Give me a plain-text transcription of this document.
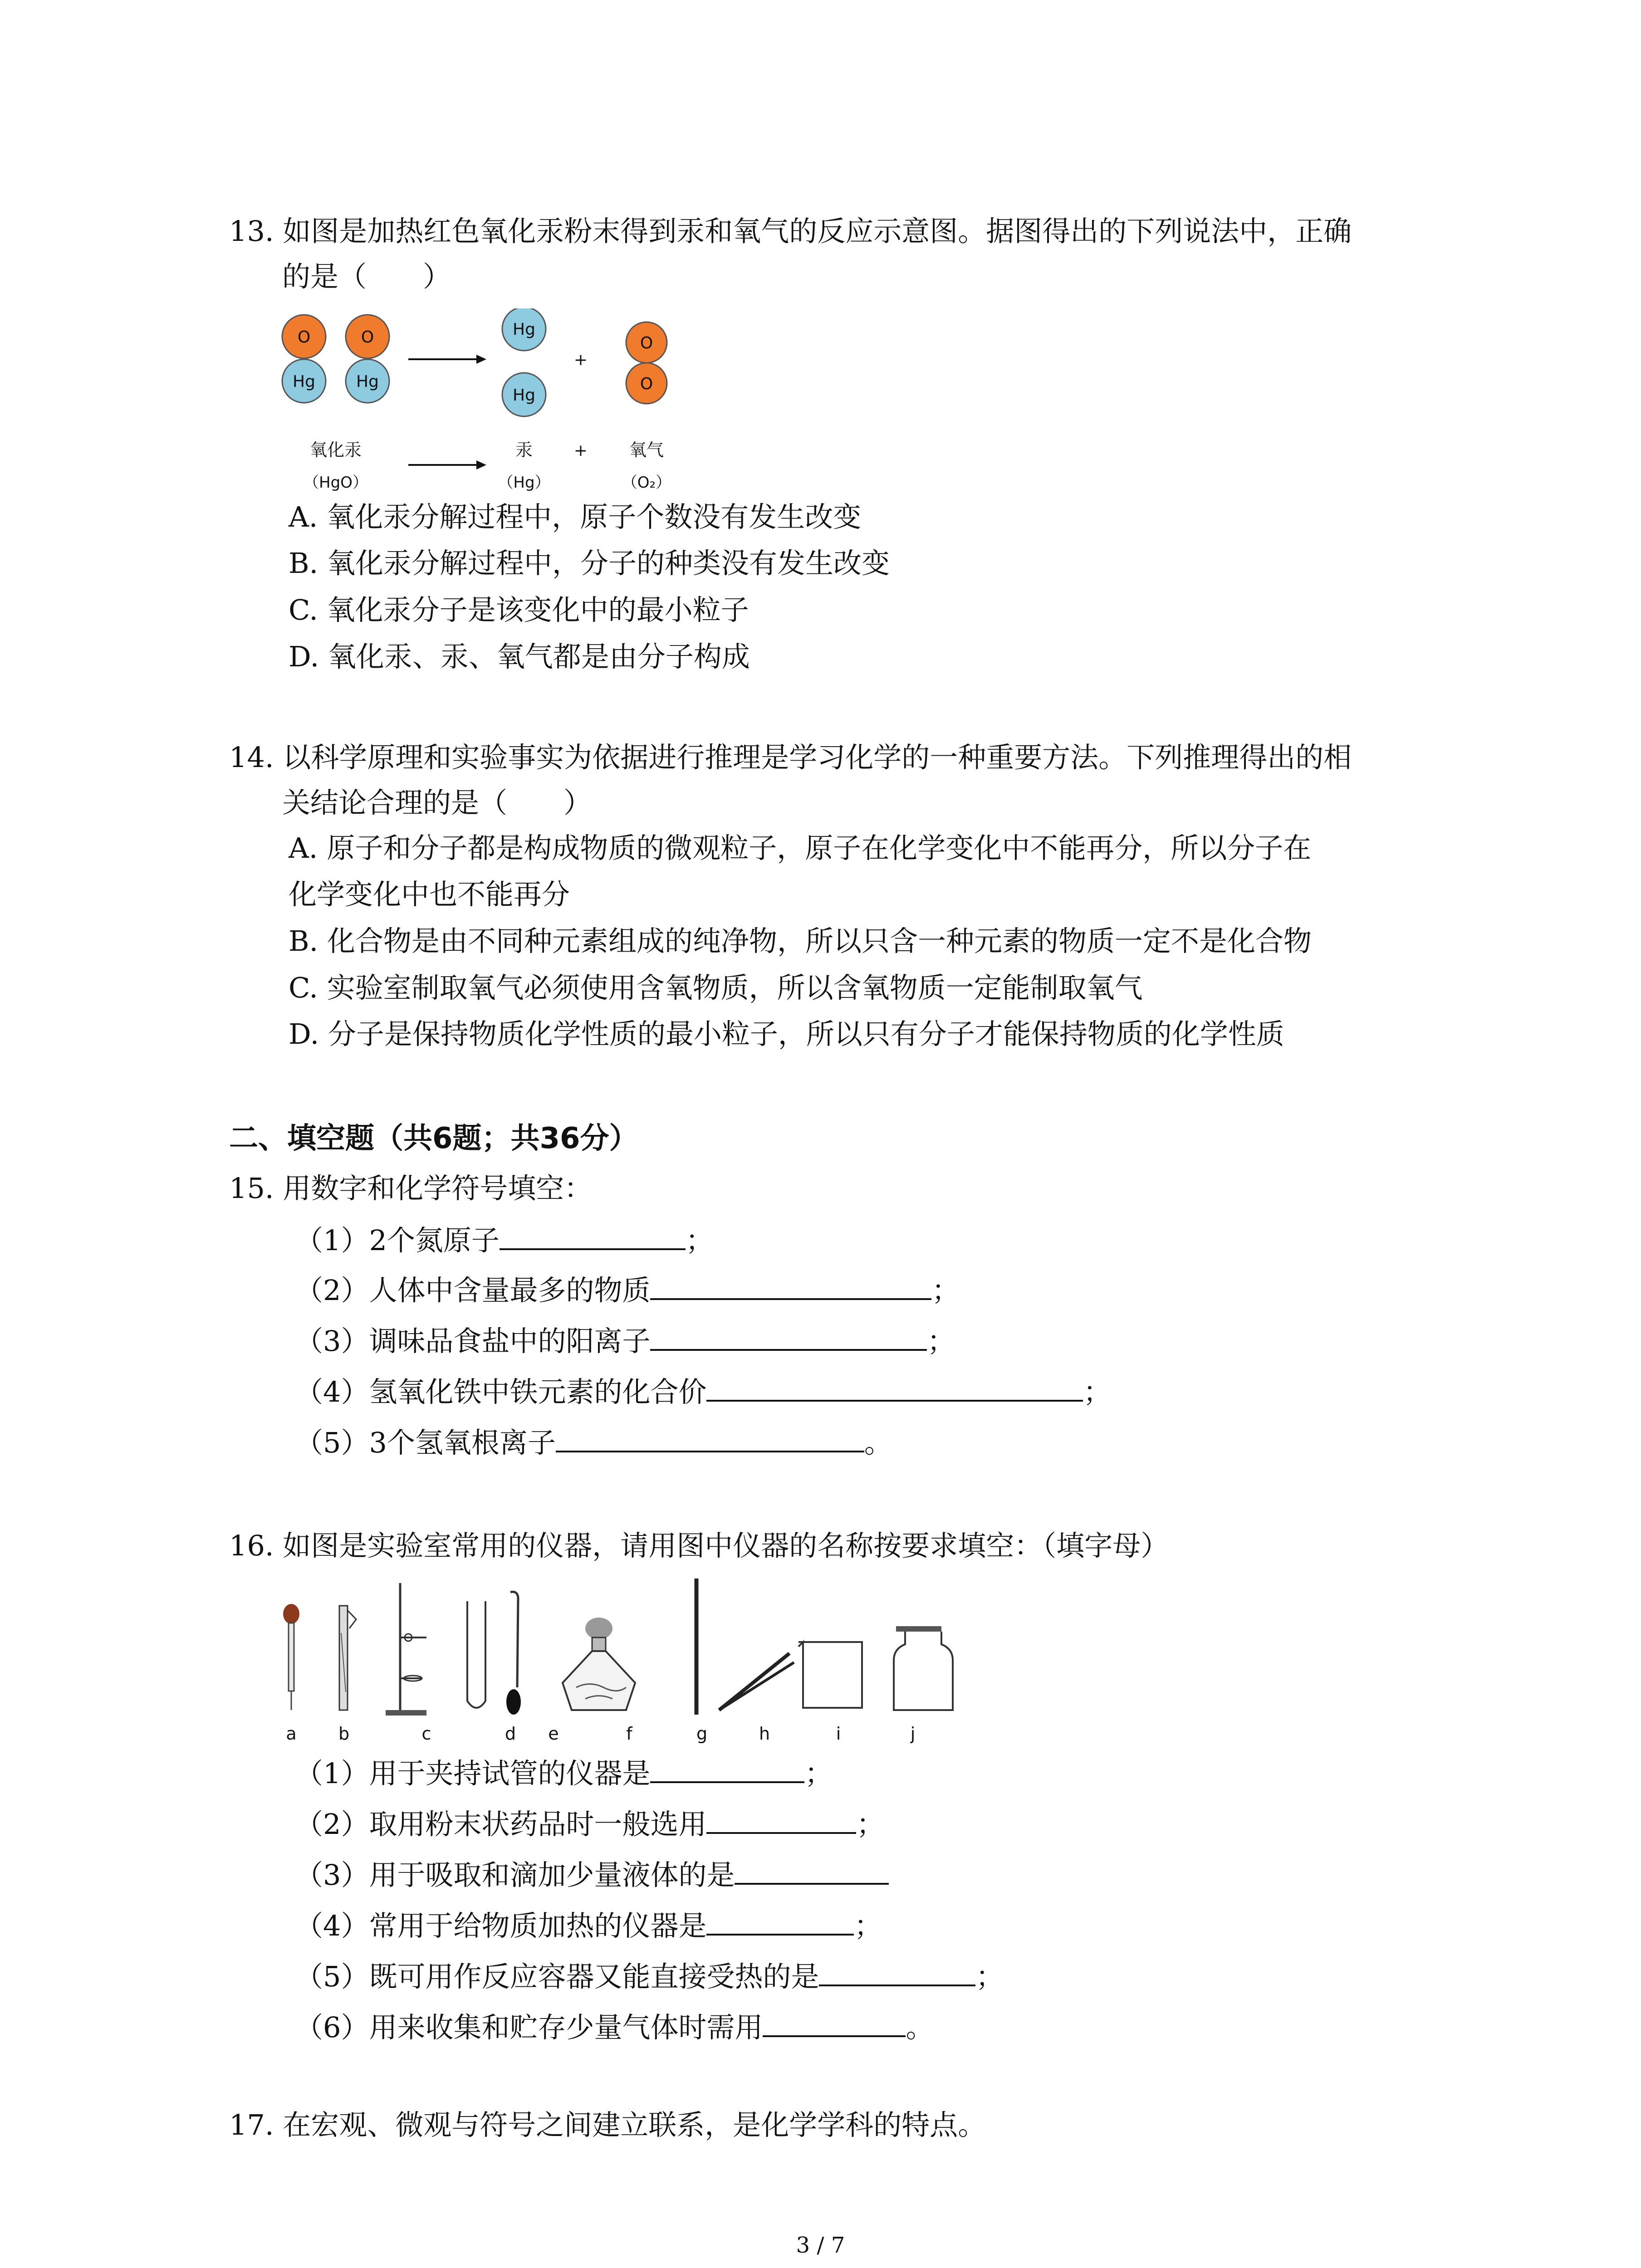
13. 如图是加热红色氧化汞粉末得到汞和氧气的反应示意图。据图得出的下列说法中，正确
的是（　　）
O
Hg
O
Hg
Hg
Hg
+
O
O
氧化汞
（HgO）
汞
（Hg）
+ 氧气
（O₂）
A. 氧化汞分解过程中，原子个数没有发生改变
B. 氧化汞分解过程中，分子的种类没有发生改变
C. 氧化汞分子是该变化中的最小粒子
D. 氧化汞、汞、氧气都是由分子构成
14. 以科学原理和实验事实为依据进行推理是学习化学的一种重要方法。下列推理得出的相
关结论合理的是（　　）
A. 原子和分子都是构成物质的微观粒子，原子在化学变化中不能再分，所以分子在
化学变化中也不能再分
B. 化合物是由不同种元素组成的纯净物，所以只含一种元素的物质一定不是化合物
C. 实验室制取氧气必须使用含氧物质，所以含氧物质一定能制取氧气
D. 分子是保持物质化学性质的最小粒子，所以只有分子才能保持物质的化学性质
二、填空题（共6题；共36分）
15. 用数字和化学符号填空：
（1）2个氮原子	；
（2）人体中含量最多的物质	；
（3）调味品食盐中的阳离子	；
（4）氢氧化铁中铁元素的化合价	；
（5）3个氢氧根离子	。
16. 如图是实验室常用的仪器，请用图中仪器的名称按要求填空：（填字母）
a b	c	d e	f	g	h	i	j
（1）用于夹持试管的仪器是	；
（2）取用粉末状药品时一般选用	；
（3）用于吸取和滴加少量液体的是
（4）常用于给物质加热的仪器是	；
（5）既可用作反应容器又能直接受热的是	；
（6）用来收集和贮存少量气体时需用	。
17. 在宏观、微观与符号之间建立联系，是化学学科的特点。
3 / 7
